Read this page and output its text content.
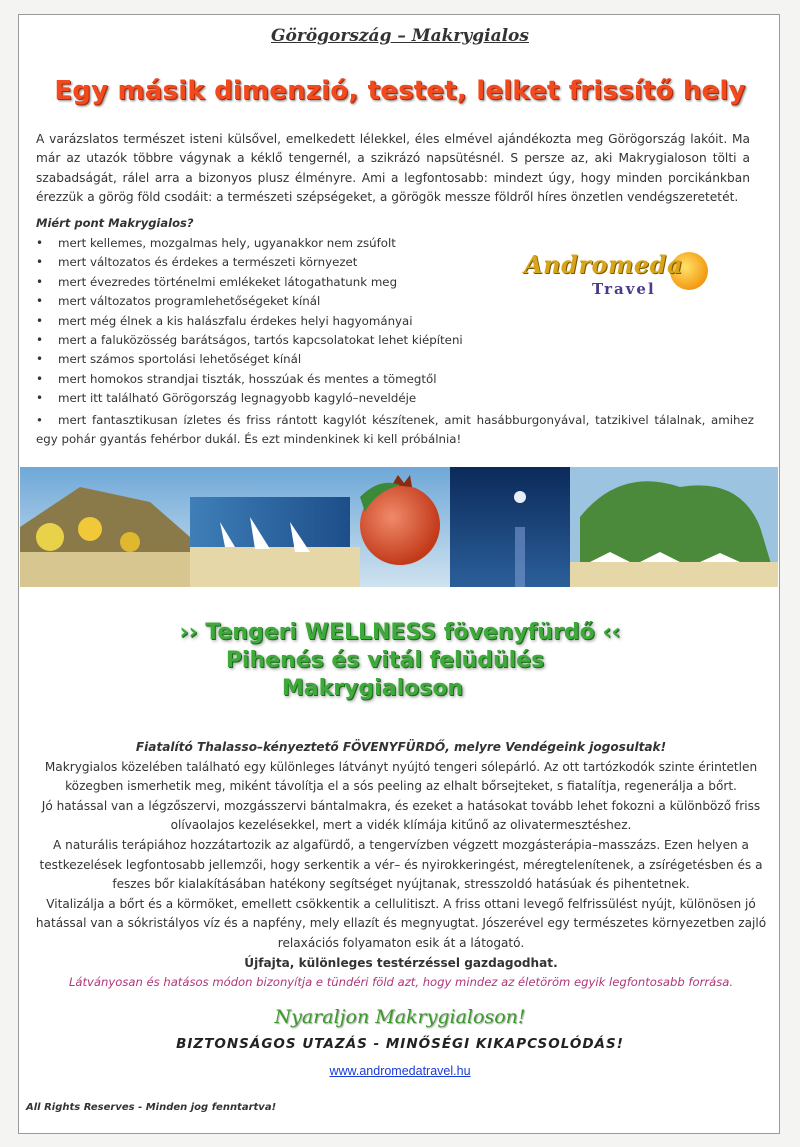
Görögország – Makrygialos
Egy másik dimenzió, testet, lelket frissítő hely
A varázslatos természet isteni külsővel, emelkedett lélekkel, éles elmével ajándékozta meg Görögország lakóit. Ma már az utazók többre vágynak a kéklő tengernél, a szikrázó napsütésnél. S persze az, aki Makrygialoson tölti a szabadságát, rálel arra a bizonyos plusz élményre. Ami a legfontosabb: mindezt úgy, hogy minden porcikánkban érezzük a görög föld csodáit: a természeti szépségeket, a görögök messze földről híres önzetlen vendégszeretetét.
Miért pont Makrygialos?
• mert kellemes, mozgalmas hely, ugyanakkor nem zsúfolt
• mert változatos és érdekes a természeti környezet
• mert évezredes történelmi emlékeket látogathatunk meg
• mert változatos programlehetőségeket kínál
• mert még élnek a kis halászfalu érdekes helyi hagyományai
• mert a faluközösség barátságos, tartós kapcsolatokat lehet kiépíteni
• mert számos sportolási lehetőséget kínál
• mert homokos strandjai tiszták, hosszúak és mentes a tömegtől
• mert itt található Görögország legnagyobb kagyló–neveldéje
• mert fantasztikusan ízletes és friss rántott kagylót készítenek, amit hasábburgonyával, tatzikivel tálalnak, amihez egy pohár gyantás fehérbor dukál. És ezt mindenkinek ki kell próbálnia!
Andromeda
Travel
›› Tengeri WELLNESS fövenyfürdő ‹‹
Pihenés és vitál felüdülés
Makrygialoson

Fiatalító Thalasso–kényeztető FÖVENYFÜRDŐ, melyre Vendégeink jogosultak!

Makrygialos közelében található egy különleges látványt nyújtó tengeri sólepárló. Az ott tartózkodók szinte érintetlen közegben ismerhetik meg, miként távolítja el a sós peeling az elhalt bőrsejteket, s fiatalítja, regenerálja a bőrt.

Jó hatással van a légzőszervi, mozgásszervi bántalmakra, és ezeket a hatásokat tovább lehet fokozni a különböző friss olívaolajos kezelésekkel, mert a vidék klímája kitűnő az olivatermesztéshez.

A naturális terápiához hozzátartozik az algafürdő, a tengervízben végzett mozgásterápia–masszázs. Ezen helyen a testkezelések legfontosabb jellemzői, hogy serkentik a vér– és nyirokkeringést, méregtelenítenek, a zsírégetésben és a feszes bőr kialakításában hatékony segítséget nyújtanak, stresszoldó hatásúak és pihentetnek.

Vitalizálja a bőrt és a körmöket, emellett csökkentik a cellulitiszt. A friss ottani levegő felfrissülést nyújt, különösen jó hatással van a sókristályos víz és a napfény, mely ellazít és megnyugtat. Jószerével egy természetes környezetben zajló relaxációs folyamaton esik át a látogató.

Újfajta, különleges testérzéssel gazdagodhat.

Látványosan és hatásos módon bizonyítja e tündéri föld azt, hogy mindez az életöröm egyik legfontosabb forrása.

Nyaraljon Makrygialoson!
BIZTONSÁGOS UTAZÁS - MINŐSÉGI KIKAPCSOLÓDÁS!
www.andromedatravel.hu
All Rights Reserves - Minden jog fenntartva!
